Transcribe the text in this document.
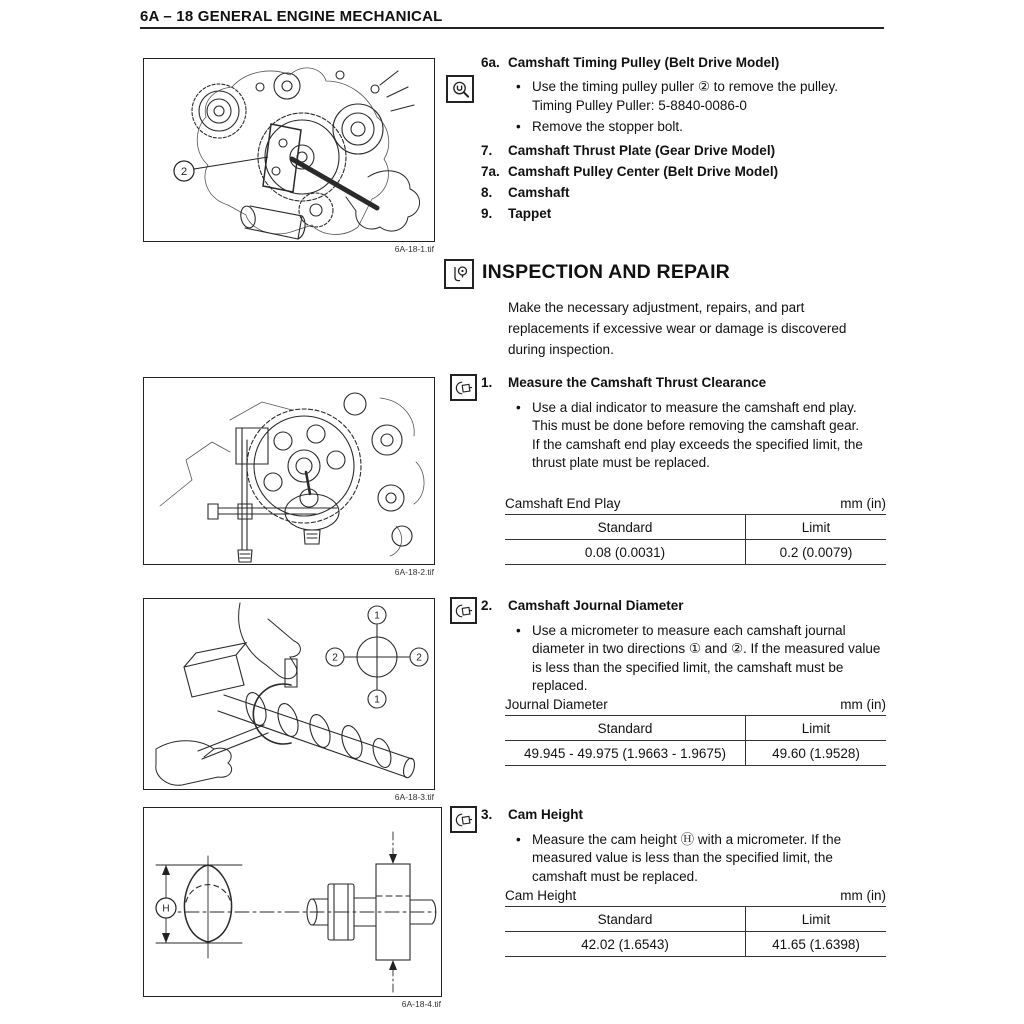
6A – 18 GENERAL ENGINE MECHANICAL
2
6A-18-1.tif
6A-18-2.tif
1
2	2
1
6A-18-3.tif
H
6A-18-4.tif
6a. Camshaft Timing Pulley (Belt Drive Model)
• Use the timing pulley puller ② to remove the pulley.
Timing Pulley Puller: 5-8840-0086-0
• Remove the stopper bolt.
7.	Camshaft Thrust Plate (Gear Drive Model)
7a. Camshaft Pulley Center (Belt Drive Model)
8.	Camshaft
9.	Tappet
INSPECTION AND REPAIR
Make the necessary adjustment, repairs, and part replacements if excessive wear or damage is discovered during inspection.
1.	Measure the Camshaft Thrust Clearance
• Use a dial indicator to measure the camshaft end play.
This must be done before removing the camshaft gear.
If the camshaft end play exceeds the specified limit, the thrust plate must be replaced.
Camshaft End Play	mm (in)
Standard	Limit
0.08 (0.0031)	0.2 (0.0079)
2.	Camshaft Journal Diameter
• Use a micrometer to measure each camshaft journal diameter in two directions ① and ②. If the measured value is less than the specified limit, the camshaft must be replaced.
Journal Diameter	mm (in)
Standard	Limit
49.945 - 49.975 (1.9663 - 1.9675)	49.60 (1.9528)
3.	Cam Height
• Measure the cam height Ⓗ with a micrometer. If the measured value is less than the specified limit, the camshaft must be replaced.
Cam Height	mm (in)
Standard	Limit
42.02 (1.6543)	41.65 (1.6398)
